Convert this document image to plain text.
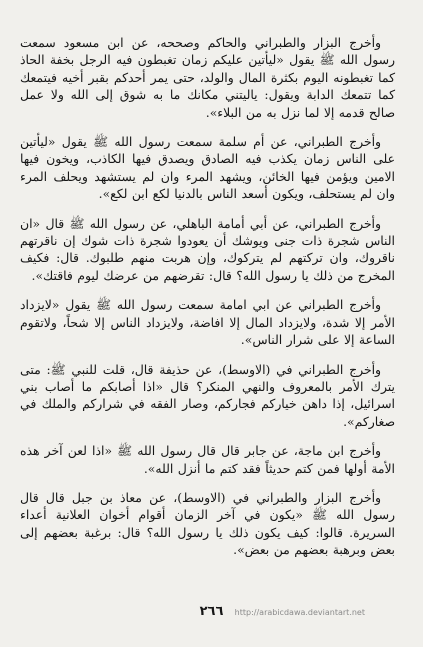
وأخرج البزار والطبراني والحاكم وصححه، عن ابن مسعود سمعت رسول الله ﷺ يقول «ليأتين عليكم زمان تغبطون فيه الرجل بخفة الحاذ كما تغبطونه اليوم بكثرة المال والولد، حتى يمر أحدكم بقبر أخيه فيتمعك كما تتمعك الدابة ويقول: ياليتني مكانك ما به شوق إلى الله ولا عمل صالح قدمه إلا لما نزل به من البلاء».

وأخرج الطبراني، عن أم سلمة سمعت رسول الله ﷺ يقول «ليأتين على الناس زمان يكذب فيه الصادق ويصدق فيها الكاذب، ويخون فيها الامين ويؤمن فيها الخائن، ويشهد المرء وان لم يستشهد ويحلف المرء وان لم يستحلف، ويكون أسعد الناس بالدنيا لكع ابن لكع».

وأخرج الطبراني، عن أبي أمامة الباهلي، عن رسول الله ﷺ قال «ان الناس شجرة ذات جنى ويوشك أن يعودوا شجرة ذات شوك إن ناقرتهم ناقروك، وان تركتهم لم يتركوك، وإن هربت منهم طلبوك. قال: فكيف المخرج من ذلك يا رسول الله؟ قال: تقرضهم من عرضك ليوم فاقتك».

وأخرج الطبراني عن ابي امامة سمعت رسول الله ﷺ يقول «لايزداد الأمر إلا شدة، ولايزداد المال إلا افاضة، ولايزداد الناس إلا شحاً، ولاتقوم الساعة إلا على شرار الناس».

وأخرج الطبراني في (الاوسط)، عن حذيفة قال، قلت للنبي ﷺ: متى يترك الأمر بالمعروف والنهي المنكر؟ قال «اذا أصابكم ما أصاب بني اسرائيل، إذا داهن خياركم فجاركم، وصار الفقه في شراركم والملك في صغاركم».

وأخرج ابن ماجة، عن جابر قال قال رسول الله ﷺ «اذا لعن آخر هذه الأمة أولها فمن كتم حديثاً فقد كتم ما أنزل الله».

وأخرج البزار والطبراني في (الاوسط)، عن معاذ بن جبل قال قال رسول الله ﷺ «يكون في آخر الزمان أقوام أخوان العلانية أعداء السريرة. قالوا: كيف يكون ذلك يا رسول الله؟ قال: برغبة بعضهم إلى بعض وبرهبة بعضهم من بعض».

٢٦٦ http://arabicdawa.deviantart.net
